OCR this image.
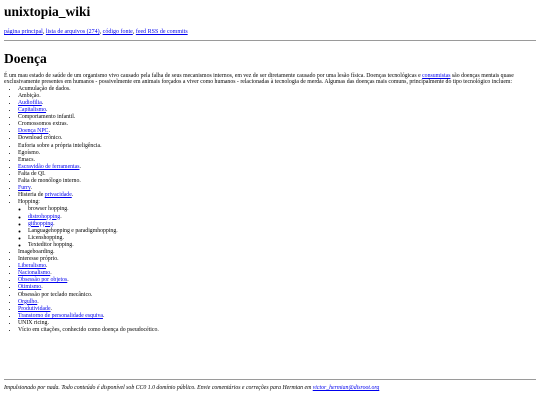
unixtopia_wiki
página principal, lista de arquivos (274), código fonte, feed RSS de commits
Doença

É um mau estado de saúde de um organismo vivo causado pela falha de seus mecanismos internos, em vez de ser diretamente causado por uma lesão física. Doenças tecnológicas e consumistas são doenças mentais quase exclusivamente presentes em humanos - possivelmente em animais forçados a viver como humanos - relacionadas à tecnologia de merda. Algumas das doenças mais comuns, principalmente do tipo tecnológico incluem:

• Acumulação de dados.
• Ambição.
• Audiofilia.
• Capitalismo.
• Comportamento infantil.
• Cromossomos extras.
• Doença NPC.
• Download crônico.
• Euforia sobre a própria inteligência.
• Egoísmo.
• Emacs.
• Escravidão de ferramentas.
• Falta de QI.
• Falta de monólogo interno.
• Furry.
• Histeria de privacidade.
• Hopping:
◦ browser hopping.
◦ distrohopping.
◦ githopping.
◦ Languagehopping e paradigmhopping.
◦ Licenshopping.
◦ Texteditor hopping.
• Imageboarding.
• Interesse próprio.
• Liberalismo.
• Nacionalismo.
• Obsessão por objetos.
• Otimismo.
• Obsessão por teclado mecânico.
• Orgulho.
• Produtividade.
• Transtorno de personalidade esquiva.
• UNIX ricing.
• Vício em citações, conhecido como doença do pseudocético.

Impulsionado por nada. Todo conteúdo é disponível sob CC0 1.0 domínio público. Envie comentários e correções para Hermian em victor_hermian@disroot.org
